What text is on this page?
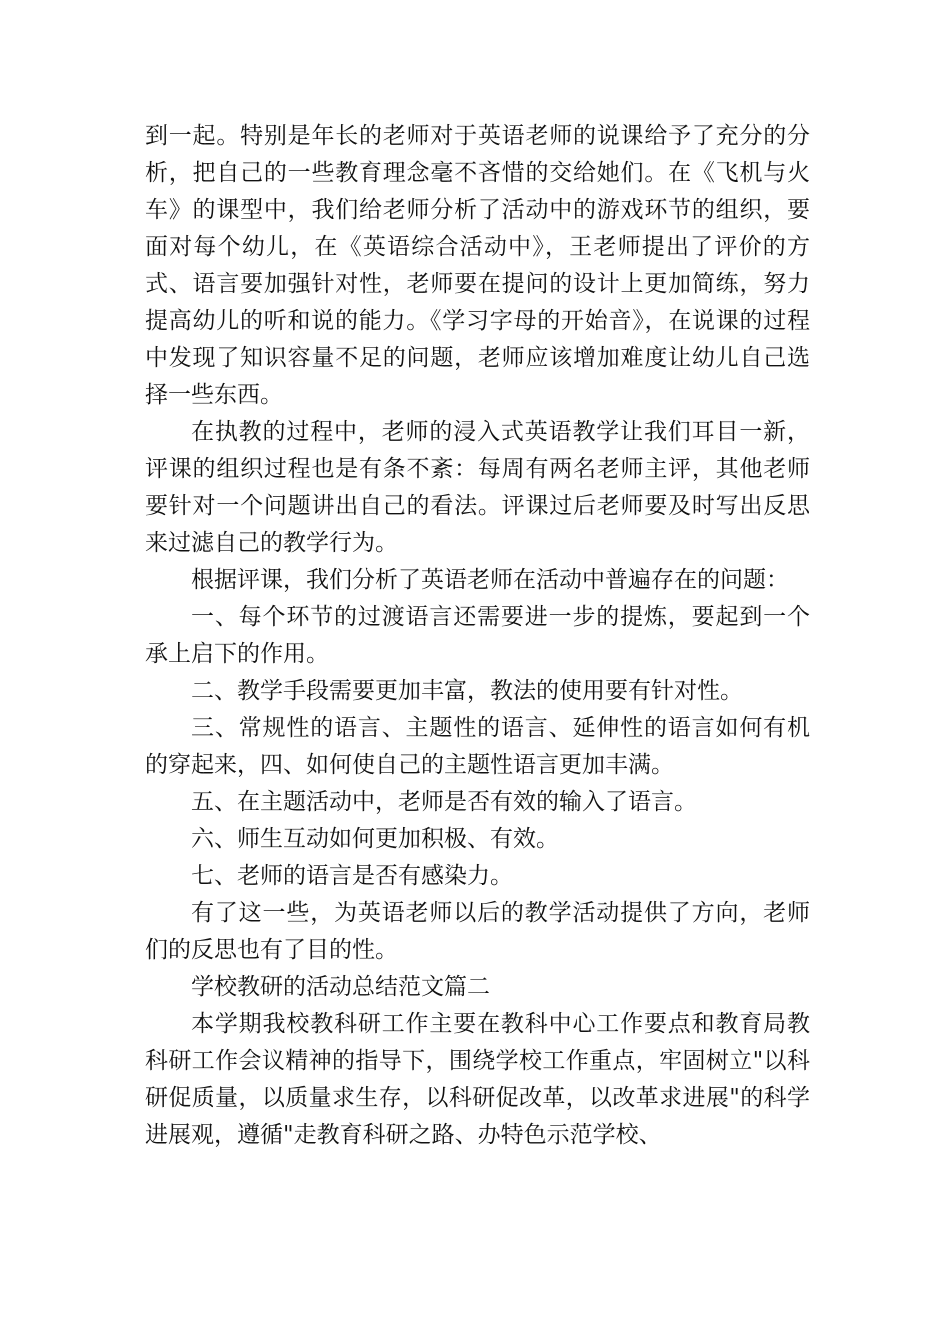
到一起。特别是年长的老师对于英语老师的说课给予了充分的分析，把自己的一些教育理念毫不吝惜的交给她们。在《飞机与火车》的课型中，我们给老师分析了活动中的游戏环节的组织，要面对每个幼儿，在《英语综合活动中》，王老师提出了评价的方式、语言要加强针对性，老师要在提问的设计上更加简练，努力提高幼儿的听和说的能力。《学习字母的开始音》，在说课的过程中发现了知识容量不足的问题，老师应该增加难度让幼儿自己选择一些东西。

在执教的过程中，老师的浸入式英语教学让我们耳目一新，评课的组织过程也是有条不紊：每周有两名老师主评，其他老师要针对一个问题讲出自己的看法。评课过后老师要及时写出反思来过滤自己的教学行为。

根据评课，我们分析了英语老师在活动中普遍存在的问题：

一、每个环节的过渡语言还需要进一步的提炼，要起到一个承上启下的作用。

二、教学手段需要更加丰富，教法的使用要有针对性。

三、常规性的语言、主题性的语言、延伸性的语言如何有机的穿起来，四、如何使自己的主题性语言更加丰满。

五、在主题活动中，老师是否有效的输入了语言。

六、师生互动如何更加积极、有效。

七、老师的语言是否有感染力。

有了这一些，为英语老师以后的教学活动提供了方向，老师们的反思也有了目的性。

学校教研的活动总结范文篇二

本学期我校教科研工作主要在教科中心工作要点和教育局教科研工作会议精神的指导下，围绕学校工作重点，牢固树立"以科研促质量，以质量求生存，以科研促改革，以改革求进展"的科学进展观，遵循"走教育科研之路、办特色示范学校、
